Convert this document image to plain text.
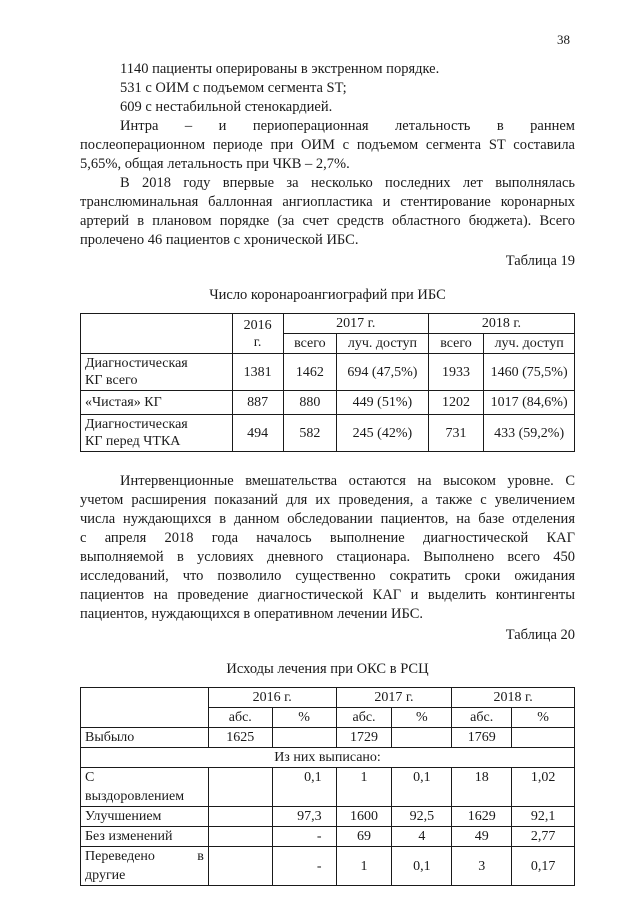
38
1140 пациенты оперированы в экстренном порядке.
531 с ОИМ с подъемом сегмента ST;
609 с нестабильной стенокардией.
Интра – и периоперационная летальность в раннем
послеоперационном периоде при ОИМ с подъемом сегмента ST составила
5,65%, общая летальность при ЧКВ – 2,7%.
В 2018 году впервые за несколько последних лет выполнялась
транслюминальная баллонная ангиопластика и стентирование коронарных
артерий в плановом порядке (за счет средств областного бюджета). Всего
пролечено 46 пациентов с хронической ИБС.
Таблица 19
Число коронароангиографий при ИБС

	2016
г.	2017 г.		2018 г.	
		всего	луч. доступ	всего	луч. доступ

Диагностическая
КГ всего	1381	1462	694 (47,5%)	1933	1460 (75,5%)
«Чистая» КГ	887	880	449 (51%)	1202	1017 (84,6%)

Диагностическая
КГ перед ЧТКА	494	582	245 (42%)	731	433 (59,2%)
Интервенционные вмешательства остаются на высоком уровне. С
учетом расширения показаний для их проведения, а также с увеличением
числа нуждающихся в данном обследовании пациентов, на базе отделения
с апреля 2018 года началось выполнение диагностической КАГ
выполняемой в условиях дневного стационара. Выполнено всего 450
исследований, что позволило существенно сократить сроки ожидания
пациентов на проведение диагностической КАГ и выделить контингенты
пациентов, нуждающихся в оперативном лечении ИБС.
Таблица 20
Исходы лечения при ОКС в РСЦ
	2016 г.		2017 г.		2018 г.	
	абс.	%	абс.	%	абс.	%
Выбыло	1625		1729		1769	
Из них выписано:						

С
выздоровлением		0,1	1	0,1	18	1,02
Улучшением		97,3	1600	92,5	1629	92,1
Без изменений		-	69	4	49	2,77

Переведено в
другие		-	1	0,1	3	0,17
